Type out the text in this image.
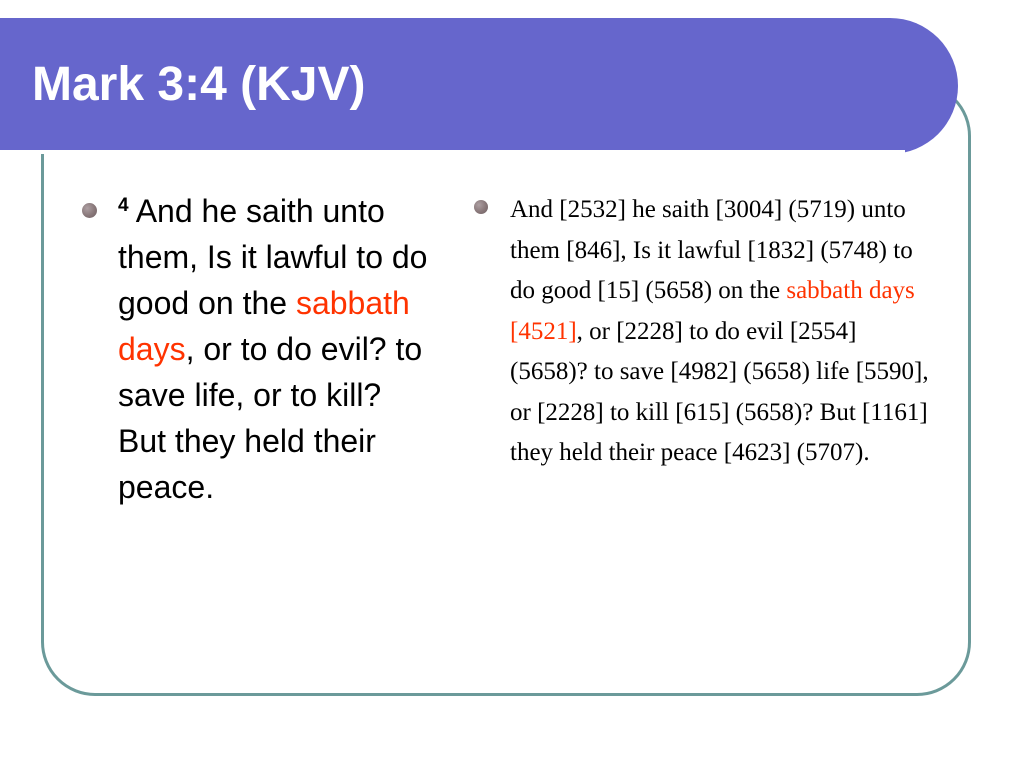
Mark 3:4 (KJV)

$^4$ And he saith unto them, Is it lawful to do good on the sabbath days, or to do evil? to save life, or to kill? But they held their peace.

And [2532] he saith [3004] (5719) unto them [846], Is it lawful [1832] (5748) to do good [15] (5658) on the sabbath days [4521], or [2228] to do evil [2554] (5658)? to save [4982] (5658) life [5590], or [2228] to kill [615] (5658)? But [1161] they held their peace [4623] (5707).
